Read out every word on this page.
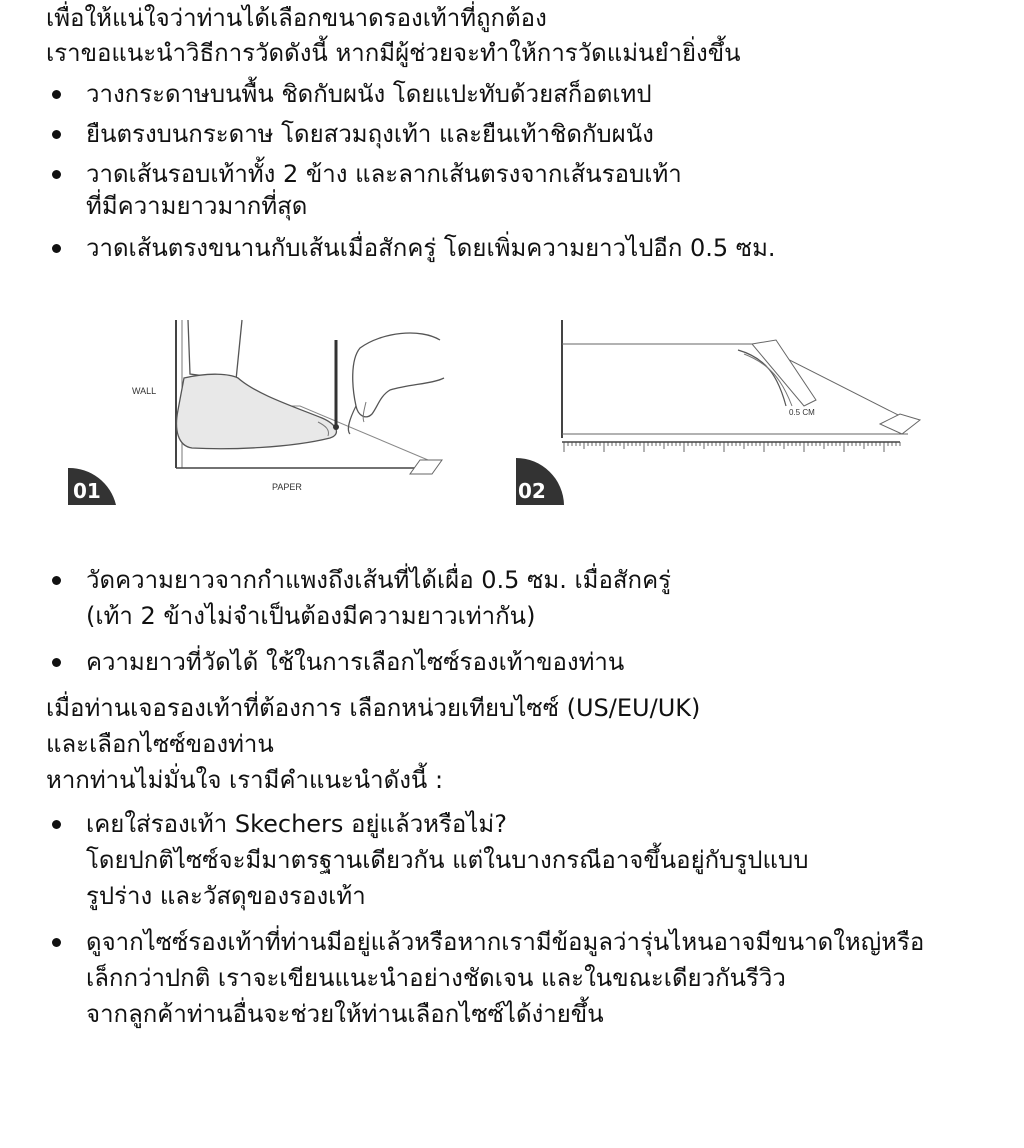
เพื่อให้แน่ใจว่าท่านได้เลือกขนาดรองเท้าที่ถูกต้อง
เราขอแนะนำวิธีการวัดดังนี้ หากมีผู้ช่วยจะทำให้การวัดแม่นยำยิ่งขึ้น
วางกระดาษบนพื้น ชิดกับผนัง โดยแปะทับด้วยสก็อตเทป
ยืนตรงบนกระดาษ โดยสวมถุงเท้า และยืนเท้าชิดกับผนัง
วาดเส้นรอบเท้าทั้ง 2 ข้าง และลากเส้นตรงจากเส้นรอบเท้า
ที่มีความยาวมากที่สุด
วาดเส้นตรงขนานกับเส้นเมื่อสักครู่ โดยเพิ่มความยาวไปอีก 0.5 ซม.
WALL
PAPER
01
0.5 CM
02
วัดความยาวจากกำแพงถึงเส้นที่ได้เผื่อ 0.5 ซม. เมื่อสักครู่
(เท้า 2 ข้างไม่จำเป็นต้องมีความยาวเท่ากัน)
ความยาวที่วัดได้ ใช้ในการเลือกไซซ์รองเท้าของท่าน
เมื่อท่านเจอรองเท้าที่ต้องการ เลือกหน่วยเทียบไซซ์ (US/EU/UK)
และเลือกไซซ์ของท่าน
หากท่านไม่มั่นใจ เรามีคำแนะนำดังนี้ :
เคยใส่รองเท้า Skechers อยู่แล้วหรือไม่?
โดยปกติไซซ์จะมีมาตรฐานเดียวกัน แต่ในบางกรณีอาจขึ้นอยู่กับรูปแบบ
รูปร่าง และวัสดุของรองเท้า
ดูจากไซซ์รองเท้าที่ท่านมีอยู่แล้วหรือหากเรามีข้อมูลว่ารุ่นไหนอาจมีขนาดใหญ่หรือ
เล็กกว่าปกติ เราจะเขียนแนะนำอย่างชัดเจน และในขณะเดียวกันรีวิว
จากลูกค้าท่านอื่นจะช่วยให้ท่านเลือกไซซ์ได้ง่ายขึ้น
